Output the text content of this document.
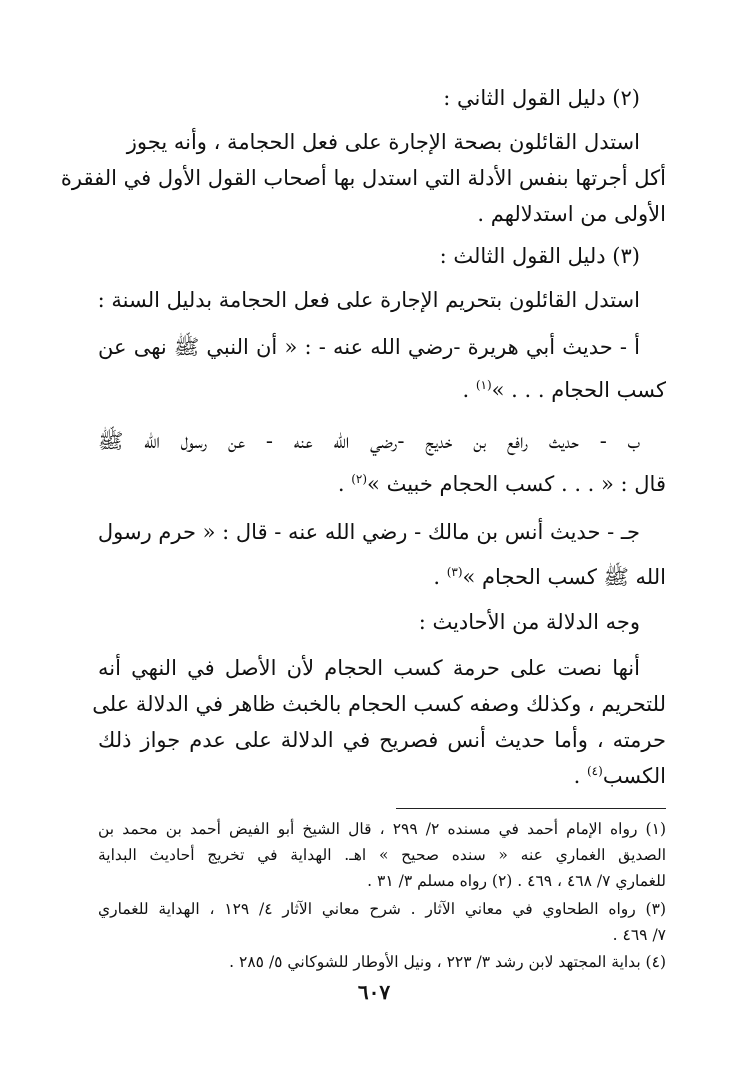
(٢) دليل القول الثاني :
استدل القائلون بصحة الإجارة على فعل الحجامة ، وأنه يجوز
أكل أجرتها بنفس الأدلة التي استدل بها أصحاب القول الأول في الفقرة
الأولى من استدلالهم .
(٣) دليل القول الثالث :
استدل القائلون بتحريم الإجارة على فعل الحجامة بدليل السنة :
أ - حديث أبي هريرة -رضي الله عنه - : « أن النبي ﷺ نهى عن
كسب الحجام . . . »$^{(١)}$ .
ب - حديث رافع بن خديج -رضي الله عنه - عن رسول الله ﷺ
قال : « . . . كسب الحجام خبيث »$^{(٢)}$ .
جـ - حديث أنس بن مالك - رضي الله عنه - قال : « حرم رسول
الله ﷺ كسب الحجام »$^{(٣)}$ .
وجه الدلالة من الأحاديث :
أنها نصت على حرمة كسب الحجام لأن الأصل في النهي أنه
للتحريم ، وكذلك وصفه كسب الحجام بالخبث ظاهر في الدلالة على
حرمته ، وأما حديث أنس فصريح في الدلالة على عدم جواز ذلك
الكسب$^{(٤)}$ .
(١) رواه الإمام أحمد في مسنده ٢/ ٢٩٩ ، قال الشيخ أبو الفيض أحمد بن محمد بن
الصديق الغماري عنه « سنده صحيح » اهـ. الهداية في تخريج أحاديث البداية
للغماري ٧/ ٤٦٨ ، ٤٦٩ . (٢) رواه مسلم ٣/ ٣١ .
(٣) رواه الطحاوي في معاني الآثار . شرح معاني الآثار ٤/ ١٢٩ ، الهداية للغماري
٧/ ٤٦٩ .
(٤) بداية المجتهد لابن رشد ٣/ ٢٢٣ ، ونيل الأوطار للشوكاني ٥/ ٢٨٥ .
٦٠٧
